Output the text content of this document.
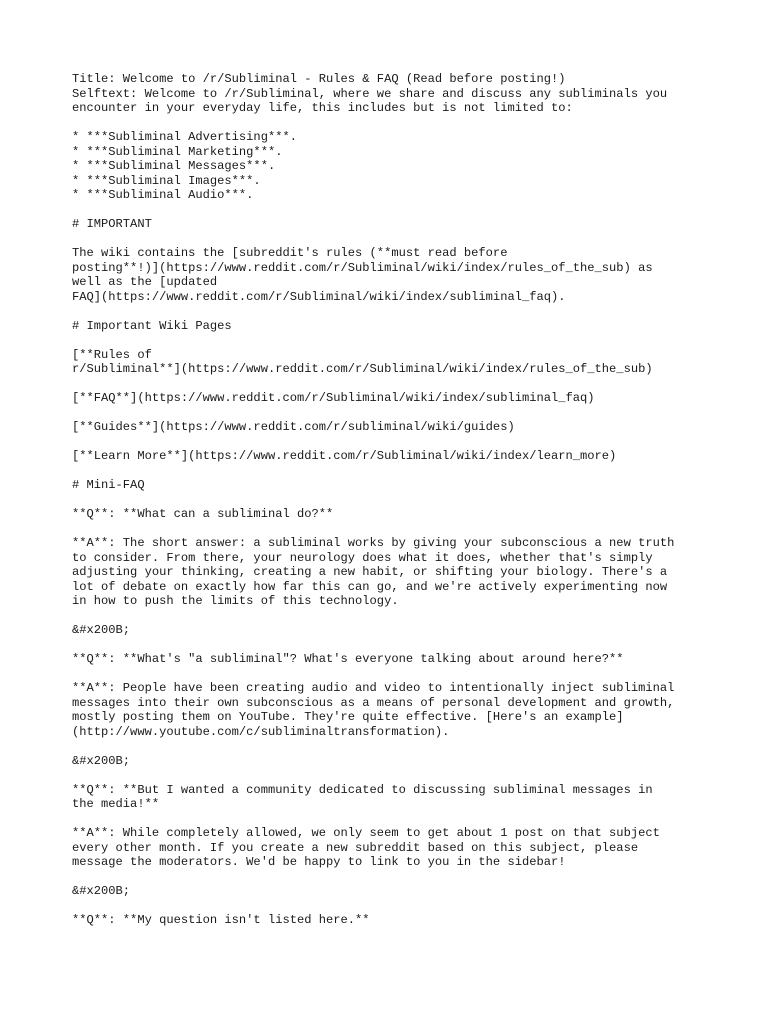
Title: Welcome to /r/Subliminal - Rules & FAQ (Read before posting!)
Selftext: Welcome to /r/Subliminal, where we share and discuss any subliminals you
encounter in your everyday life, this includes but is not limited to:
* ***Subliminal Advertising***.
* ***Subliminal Marketing***.
* ***Subliminal Messages***.
* ***Subliminal Images***.
* ***Subliminal Audio***.
# IMPORTANT
The wiki contains the [subreddit's rules (**must read before
posting**!)](https://www.reddit.com/r/Subliminal/wiki/index/rules_of_the_sub) as
well as the [updated
FAQ](https://www.reddit.com/r/Subliminal/wiki/index/subliminal_faq).
# Important Wiki Pages
[**Rules of
r/Subliminal**](https://www.reddit.com/r/Subliminal/wiki/index/rules_of_the_sub)
[**FAQ**](https://www.reddit.com/r/Subliminal/wiki/index/subliminal_faq)
[**Guides**](https://www.reddit.com/r/subliminal/wiki/guides)
[**Learn More**](https://www.reddit.com/r/Subliminal/wiki/index/learn_more)
# Mini-FAQ
**Q**: **What can a subliminal do?**
**A**: The short answer: a subliminal works by giving your subconscious a new truth
to consider. From there, your neurology does what it does, whether that's simply
adjusting your thinking, creating a new habit, or shifting your biology. There's a
lot of debate on exactly how far this can go, and we're actively experimenting now
in how to push the limits of this technology.
&#x200B;
**Q**: **What's "a subliminal"? What's everyone talking about around here?**
**A**: People have been creating audio and video to intentionally inject subliminal
messages into their own subconscious as a means of personal development and growth,
mostly posting them on YouTube. They're quite effective. [Here's an example]
(http://www.youtube.com/c/subliminaltransformation).
&#x200B;
**Q**: **But I wanted a community dedicated to discussing subliminal messages in
the media!**
**A**: While completely allowed, we only seem to get about 1 post on that subject
every other month. If you create a new subreddit based on this subject, please
message the moderators. We'd be happy to link to you in the sidebar!
&#x200B;
**Q**: **My question isn't listed here.**
